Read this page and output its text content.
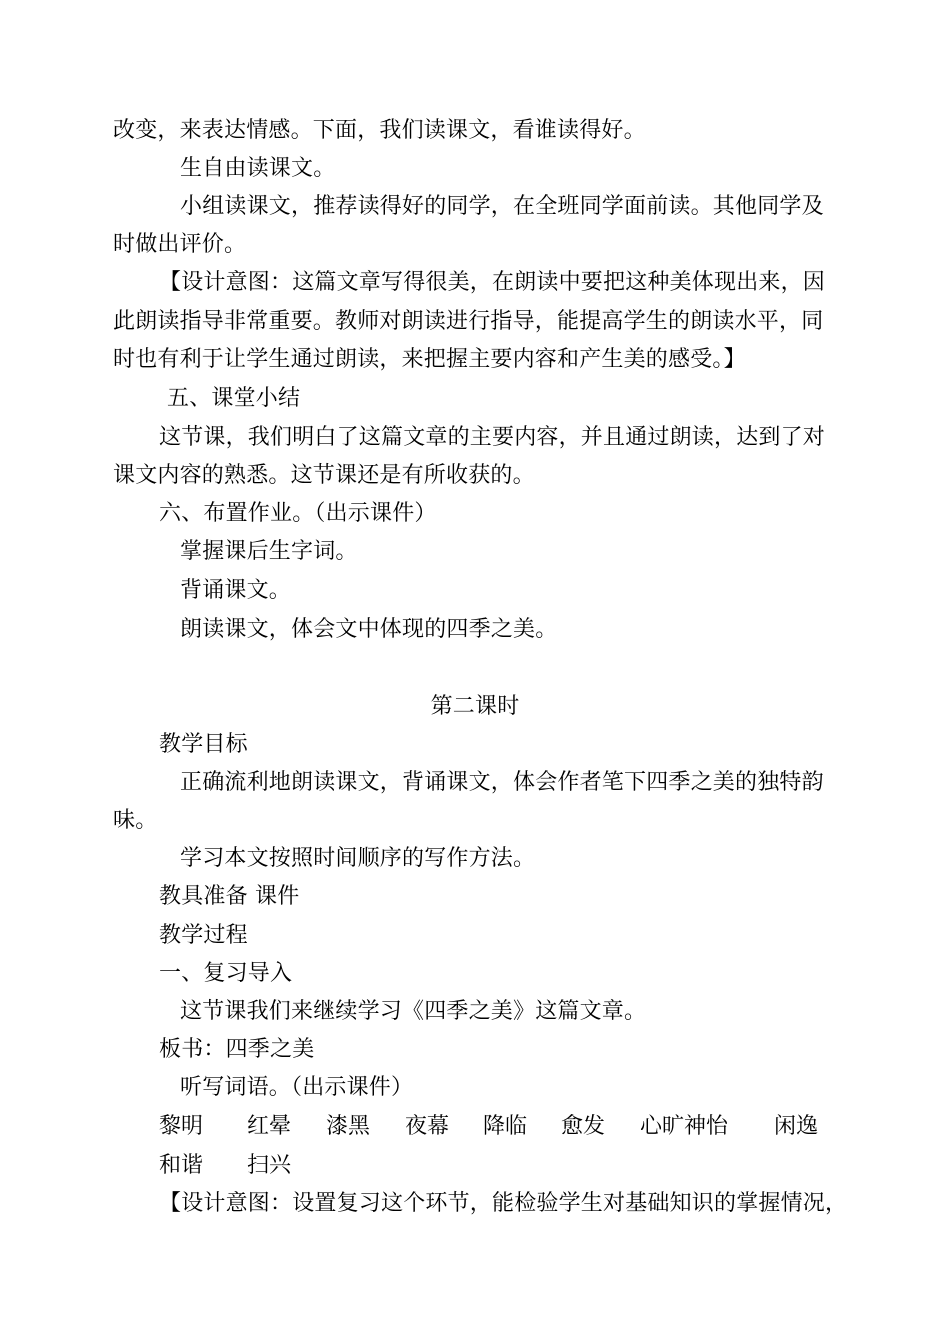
改变，来表达情感。下面，我们读课文，看谁读得好。
生自由读课文。
小组读课文，推荐读得好的同学，在全班同学面前读。其他同学及
时做出评价。
【设计意图：这篇文章写得很美，在朗读中要把这种美体现出来，因
此朗读指导非常重要。教师对朗读进行指导，能提高学生的朗读水平，同
时也有利于让学生通过朗读，来把握主要内容和产生美的感受。】
五、课堂小结
这节课，我们明白了这篇文章的主要内容，并且通过朗读，达到了对
课文内容的熟悉。这节课还是有所收获的。
六、布置作业。（出示课件）
掌握课后生字词。
背诵课文。
朗读课文，体会文中体现的四季之美。
第二课时
教学目标
正确流利地朗读课文，背诵课文，体会作者笔下四季之美的独特韵
味。
学习本文按照时间顺序的写作方法。
教具准备 课件
教学过程
一、复习导入
这节课我们来继续学习《四季之美》这篇文章。
板书：四季之美
听写词语。（出示课件）
黎明 红晕 漆黑 夜幕 降临 愈发 心旷神怡 闲逸
和谐 扫兴
【设计意图：设置复习这个环节，能检验学生对基础知识的掌握情况，
